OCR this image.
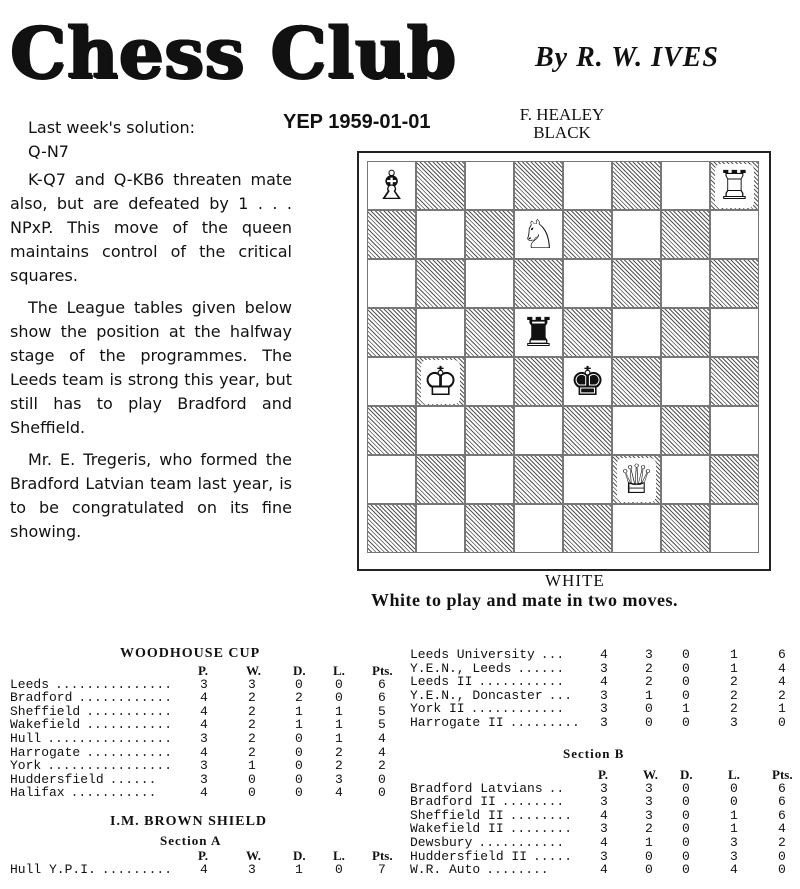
Chess Club	By R. W. IVES
YEP 1959-01-01

Last week's solution:

Q-N7

K-Q7 and Q-KB6 threaten mate also, but are defeated by 1 . . . NPxP. This move of the queen maintains control of the critical squares.

The League tables given below show the position at the halfway stage of the programmes. The Leeds team is strong this year, but still has to play Bradford and Sheffield.

Mr. E. Tregeris, who formed the Bradford Latvian team last year, is to be congratulated on its fine showing.

F. HEALEY
BLACK
♗	♖
♘
♜
♔	♚
♕
WHITE
White to play and mate in two moves.
WOODHOUSE CUP
P.	W. D. L. Pts.
Leeds ............... 3	3	0 0	6
Bradford ............ 4	2	2 0	6
Sheffield ........... 4	2	1 1	5
Wakefield ........... 4	2	1 1	5
Hull ................ 3	2	0 1	4
Harrogate ........... 4	2	0 2	4
York ................ 3	1	0 2	2
Huddersfield ......	3	0	0 3	0
Halifax ...........	4	0	0 4	0
I.M. BROWN SHIELD
Section A
P.	W. D. L. Pts.
Hull Y.P.I. ......... 4	3	1 0	7
Leeds University ...	4	3 0	1	6
Y.E.N., Leeds ......	3	2 0	1	4
Leeds II ...........	4	2 0	2	4
Y.E.N., Doncaster ... 3	1 0	2	2
York II ............	3	0 1	2	1
Harrogate II ......... 3	0 0	3	0
Section B
P.	W. D.	L. Pts.
Bradford Latvians ..	3	3 0	0	6
Bradford II ........	3	3 0	0	6
Sheffield II ........ 4	3 0	1	6
Wakefield II ........ 3	2 0	1	4
Dewsbury ...........	4	1 0	3	2
Huddersfield II ..... 3	0 0	3	0
W.R. Auto ........	4	0 0	4	0
